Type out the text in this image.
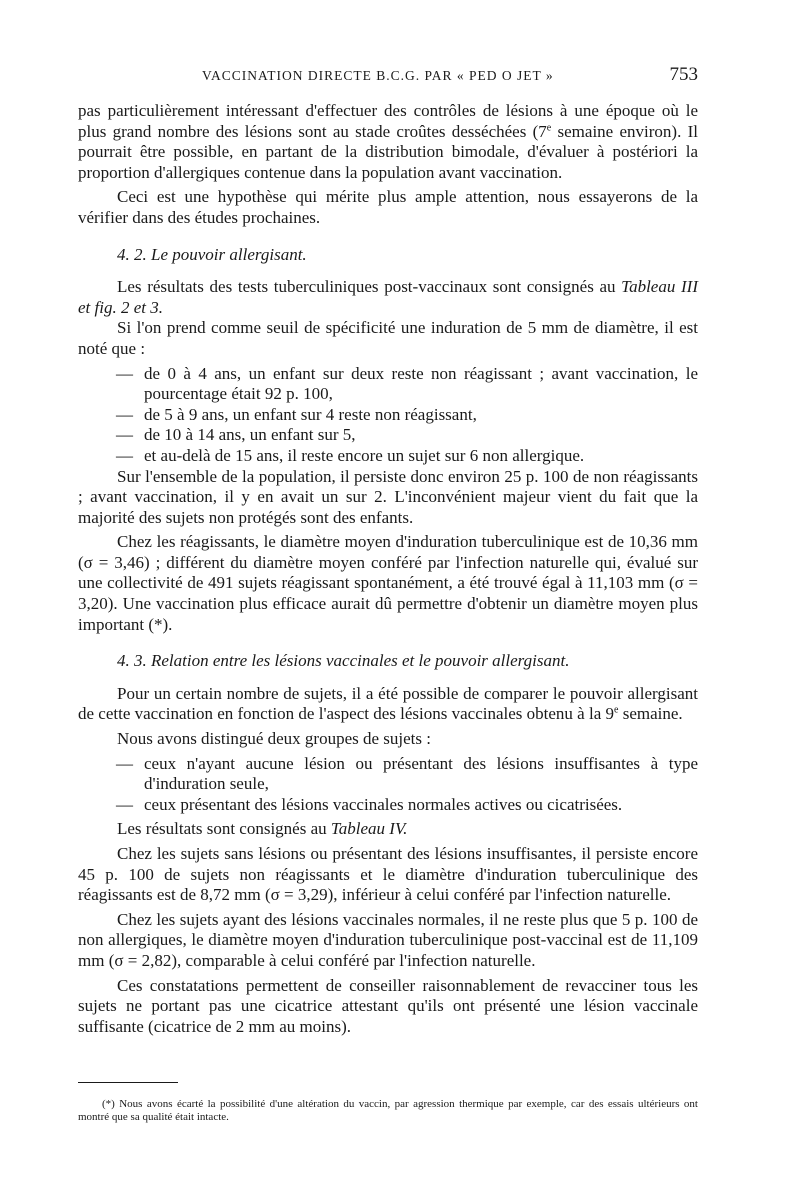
VACCINATION DIRECTE B.C.G. PAR « PED O JET »	753

pas particulièrement intéressant d'effectuer des contrôles de lésions à une époque où le plus grand nombre des lésions sont au stade croûtes desséchées (7e semaine environ). Il pourrait être possible, en partant de la distribution bimodale, d'évaluer à postériori la proportion d'allergiques contenue dans la population avant vaccination.

Ceci est une hypothèse qui mérite plus ample attention, nous essayerons de la vérifier dans des études prochaines.

4. 2. Le pouvoir allergisant.

Les résultats des tests tuberculiniques post-vaccinaux sont consignés au Tableau III et fig. 2 et 3.

Si l'on prend comme seuil de spécificité une induration de 5 mm de diamètre, il est noté que :

— de 0 à 4 ans, un enfant sur deux reste non réagissant ; avant vaccination, le pourcentage était 92 p. 100,

— de 5 à 9 ans, un enfant sur 4 reste non réagissant,

— de 10 à 14 ans, un enfant sur 5,

— et au-delà de 15 ans, il reste encore un sujet sur 6 non allergique.

Sur l'ensemble de la population, il persiste donc environ 25 p. 100 de non réagissants ; avant vaccination, il y en avait un sur 2. L'inconvénient majeur vient du fait que la majorité des sujets non protégés sont des enfants.

Chez les réagissants, le diamètre moyen d'induration tuberculinique est de 10,36 mm (σ = 3,46) ; différent du diamètre moyen conféré par l'infection naturelle qui, évalué sur une collectivité de 491 sujets réagissant spontanément, a été trouvé égal à 11,103 mm (σ = 3,20). Une vaccination plus efficace aurait dû permettre d'obtenir un diamètre moyen plus important (*).

4. 3. Relation entre les lésions vaccinales et le pouvoir allergisant.

Pour un certain nombre de sujets, il a été possible de comparer le pouvoir allergisant de cette vaccination en fonction de l'aspect des lésions vaccinales obtenu à la 9e semaine.

Nous avons distingué deux groupes de sujets :

— ceux n'ayant aucune lésion ou présentant des lésions insuffisantes à type d'induration seule,

— ceux présentant des lésions vaccinales normales actives ou cicatrisées.

Les résultats sont consignés au Tableau IV.

Chez les sujets sans lésions ou présentant des lésions insuffisantes, il persiste encore 45 p. 100 de sujets non réagissants et le diamètre d'induration tuberculinique des réagissants est de 8,72 mm (σ = 3,29), inférieur à celui conféré par l'infection naturelle.

Chez les sujets ayant des lésions vaccinales normales, il ne reste plus que 5 p. 100 de non allergiques, le diamètre moyen d'induration tuberculinique post-vaccinal est de 11,109 mm (σ = 2,82), comparable à celui conféré par l'infection naturelle.

Ces constatations permettent de conseiller raisonnablement de revacciner tous les sujets ne portant pas une cicatrice attestant qu'ils ont présenté une lésion vaccinale suffisante (cicatrice de 2 mm au moins).

(*) Nous avons écarté la possibilité d'une altération du vaccin, par agression thermique par exemple, car des essais ultérieurs ont montré que sa qualité était intacte.
